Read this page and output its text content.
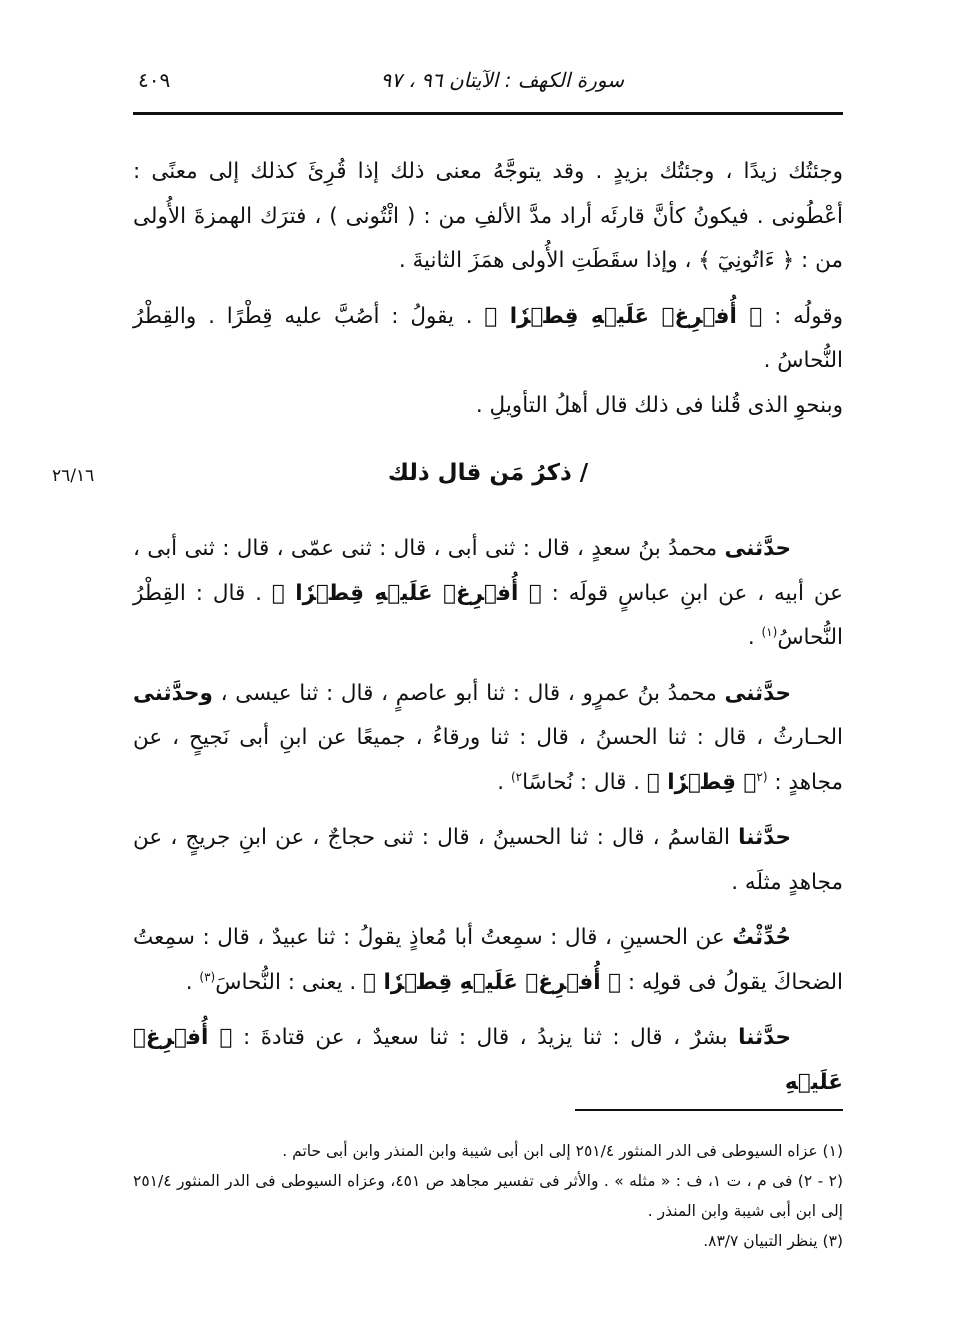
سورة الكهف : الآيتان ٩٦ ، ٩٧
٤٠٩
٢٦/١٦

وجئتُك زيدًا ، وجئتُك بزيدٍ . وقد يتوجَّهُ معنى ذلك إذا قُرِئَ كذلك إلى معنًى : أعْطُونى . فيكونُ كأنَّ قارئَه أراد مدَّ الألفِ من : ( ائْتُونى ) ، فترَك الهمزةَ الأُولى من : ﴿ ءَاتُونِيٓ ﴾ ، وإذا سقَطَتِ الأُولى همَزَ الثانيةَ .

وقولُه : ﴿ أُفۡرِغۡ عَلَيۡهِ قِطۡرٗا ﴾ . يقولُ : أصُبَّ عليه قِطْرًا . والقِطْرُ النُّحاسُ .

وبنحوِ الذى قُلنا فى ذلك قال أهلُ التأويلِ .

/ ذكرُ مَن قال ذلك

حدَّثنى محمدُ بنُ سعدٍ ، قال : ثنى أبى ، قال : ثنى عمّى ، قال : ثنى أبى ، عن أبيه ، عن ابنِ عباسٍ قولَه : ﴿ أُفۡرِغۡ عَلَيۡهِ قِطۡرٗا ﴾ . قال : القِطْرُ النُّحاسُ$^{(١)}$ .

حدَّثنى محمدُ بنُ عمرٍو ، قال : ثنا أبو عاصمٍ ، قال : ثنا عيسى ، وحدَّثنى الحـارثُ ، قال : ثنا الحسنُ ، قال : ثنا ورقاءُ ، جميعًا عن ابنِ أبى نَجيحٍ ، عن مجاهدٍ : $^{(٢}$﴿ قِطۡرٗا ﴾ . قال : نُحاسًا$^{٢)}$ .

حدَّثنا القاسمُ ، قال : ثنا الحسينُ ، قال : ثنى حجاجٌ ، عن ابنِ جريجٍ ، عن مجاهدٍ مثلَه .

حُدِّثْتُ عن الحسينِ ، قال : سمِعتُ أبا مُعاذٍ يقولُ : ثنا عبيدٌ ، قال : سمِعتُ الضحاكَ يقولُ فى قولِه : ﴿ أُفۡرِغۡ عَلَيۡهِ قِطۡرٗا ﴾ . يعنى : النُّحاسَ$^{(٣)}$ .

حدَّثنا بشرٌ ، قال : ثنا يزيدُ ، قال : ثنا سعيدٌ ، عن قتادةَ : ﴿ أُفۡرِغۡ عَلَيۡهِ

(١) عزاه السيوطى فى الدر المنثور ٢٥١/٤ إلى ابن أبى شيبة وابن المنذر وابن أبى حاتم .

(٢ - ٢) فى م ، ت ١، ف : « مثله » . والأثر فى تفسير مجاهد ص ٤٥١، وعزاه السيوطى فى الدر المنثور ٢٥١/٤ إلى ابن أبى شيبة وابن المنذر .

(٣) ينظر التبيان ٨٣/٧.
